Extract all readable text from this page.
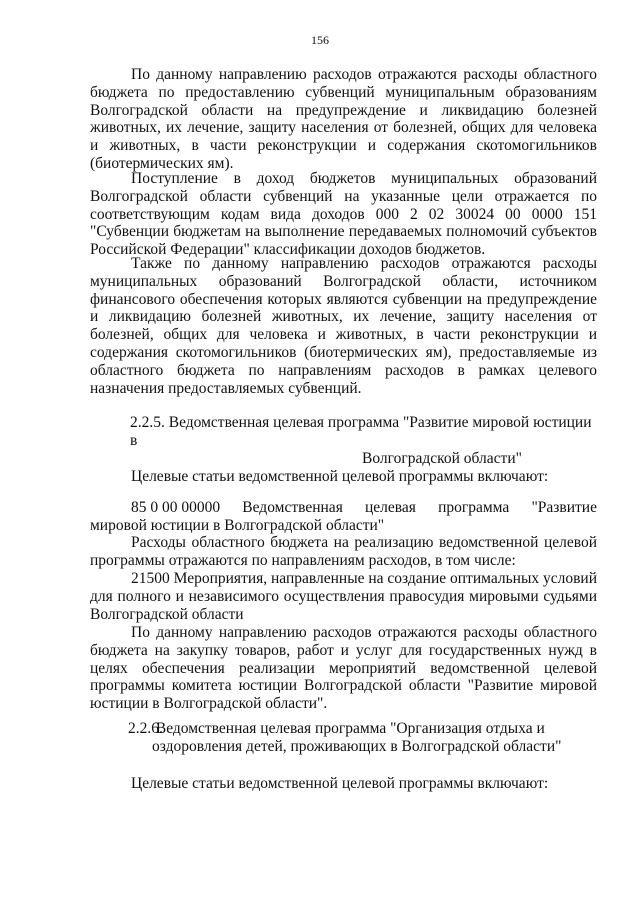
156
По данному направлению расходов отражаются расходы областного бюджета по предоставлению субвенций муниципальным образованиям Волгоградской области на предупреждение и ликвидацию болезней животных, их лечение, защиту населения от болезней, общих для человека и животных, в части реконструкции и содержания скотомогильников (биотермических ям).
Поступление в доход бюджетов муниципальных образований Волгоградской области субвенций на указанные цели отражается по соответствующим кодам вида доходов 000 2 02 30024 00 0000 151 "Субвенции бюджетам на выполнение передаваемых полномочий субъектов Российской Федерации" классификации доходов бюджетов.
Также по данному направлению расходов отражаются расходы муниципальных образований Волгоградской области, источником финансового обеспечения которых являются субвенции на предупреждение и ликвидацию болезней животных, их лечение, защиту населения от болезней, общих для человека и животных, в части реконструкции и содержания скотомогильников (биотермических ям), предоставляемые из областного бюджета по направлениям расходов в рамках целевого назначения предоставляемых субвенций.
2.2.5. Ведомственная целевая программа "Развитие мировой юстиции в
Волгоградской области"
Целевые статьи ведомственной целевой программы включают:
85 0 00 00000 Ведомственная целевая программа "Развитие
мировой юстиции в Волгоградской области"
Расходы областного бюджета на реализацию ведомственной целевой программы отражаются по направлениям расходов, в том числе:
21500 Мероприятия, направленные на создание оптимальных условий для полного и независимого осуществления правосудия мировыми судьями Волгоградской области
По данному направлению расходов отражаются расходы областного бюджета на закупку товаров, работ и услуг для государственных нужд в целях обеспечения реализации мероприятий ведомственной целевой программы комитета юстиции Волгоградской области "Развитие мировой юстиции в Волгоградской области".
2.2.6. Ведомственная целевая программа "Организация отдыха и
оздоровления детей, проживающих в Волгоградской области"
Целевые статьи ведомственной целевой программы включают:
